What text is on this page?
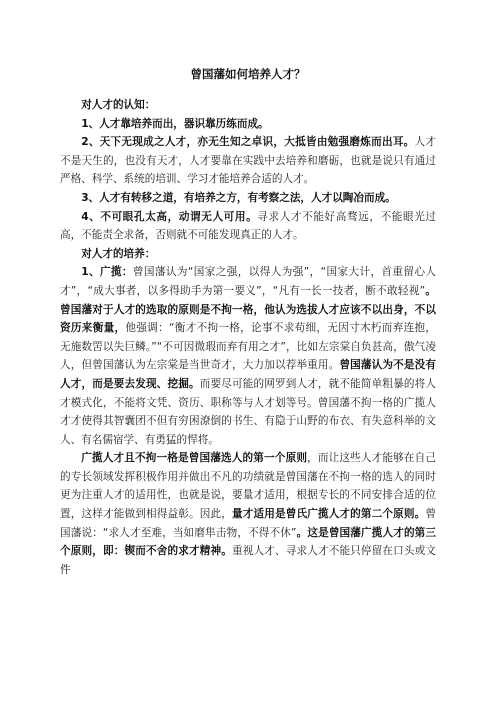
曾国藩如何培养人才？

对人才的认知：

1、人才靠培养而出，器识靠历练而成。

2、天下无现成之人才，亦无生知之卓识，大抵皆由勉强磨炼而出耳。人才不是天生的，也没有天才，人才要靠在实践中去培养和磨砺，也就是说只有通过严格、科学、系统的培训、学习才能培养合适的人才。

3、人才有转移之道，有培养之方，有考察之法，人才以陶冶而成。

4、不可眼孔太高，动谓无人可用。寻求人才不能好高骛远，不能眼光过高，不能责全求备，否则就不可能发现真正的人才。

对人才的培养：

1、广揽：曾国藩认为“国家之强，以得人为强”，“国家大计，首重留心人才”，“成大事者，以多得助手为第一要义”，“凡有一长一技者，断不敢轻视”。曾国藩对于人才的选取的原则是不拘一格，他认为选拔人才应该不以出身，不以资历来衡量，他强调：“衡才不拘一格，论事不求苟细，无因寸木朽而弃连抱，无施数罟以失巨鳞。”“不可因微瑕而弃有用之才”，比如左宗棠自负甚高，傲气凌人，但曾国藩认为左宗棠是当世奇才，大力加以荐举重用。曾国藩认为不是没有人才，而是要去发现、挖掘。而要尽可能的网罗到人才，就不能简单粗暴的将人才模式化，不能将文凭、资历、职称等与人才划等号。曾国藩不拘一格的广揽人才才使得其智囊团不但有穷困潦倒的书生、有隐于山野的布衣、有失意科举的文人、有名儒宿学、有勇猛的悍将。

广揽人才且不拘一格是曾国藩选人的第一个原则，而让这些人才能够在自己的专长领域发挥积极作用并做出不凡的功绩就是曾国藩在不拘一格的选人的同时更为注重人才的适用性，也就是说，要量才适用，根据专长的不同安排合适的位置，这样才能做到相得益彰。因此，量才适用是曾氏广揽人才的第二个原则。曾国藩说：“求人才至难，当如磨隼击物，不得不休”。这是曾国藩广揽人才的第三个原则，即：锲而不舍的求才精神。重视人才、寻求人才不能只停留在口头或文件
